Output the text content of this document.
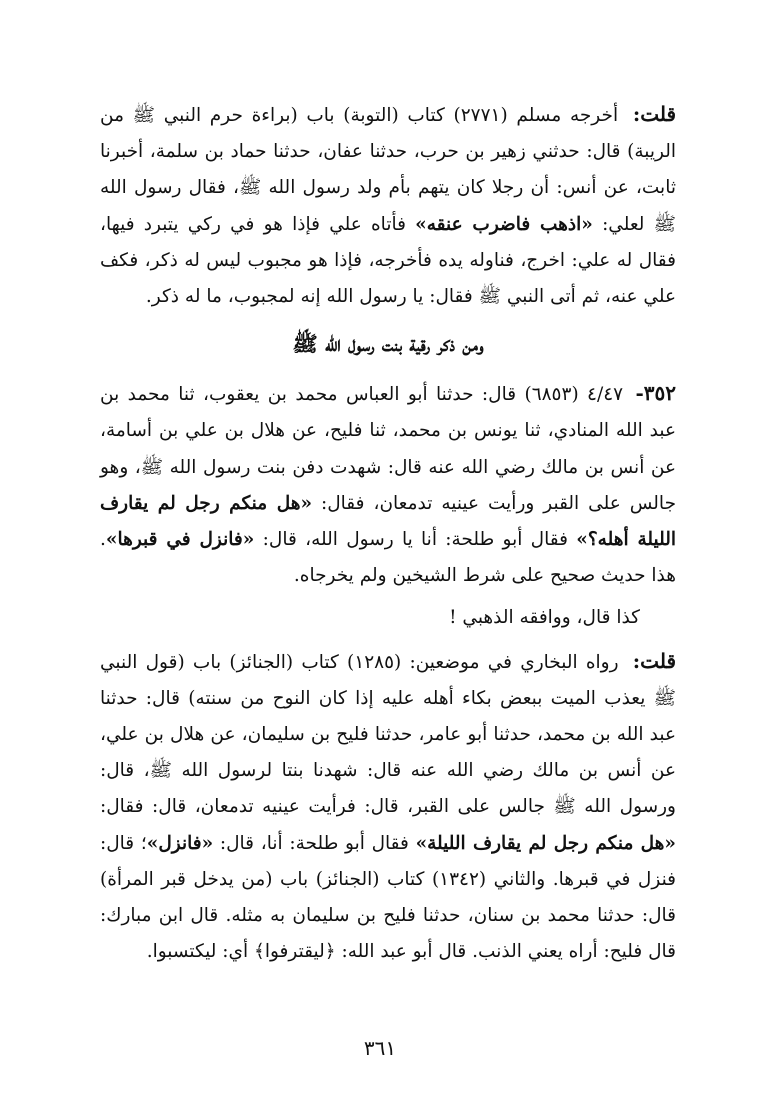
قلت: أخرجه مسلم (٢٧٧١) كتاب (التوبة) باب (براءة حرم النبي ﷺ من الريبة) قال: حدثني زهير بن حرب، حدثنا عفان، حدثنا حماد بن سلمة، أخبرنا ثابت، عن أنس: أن رجلا كان يتهم بأم ولد رسول الله ﷺ، فقال رسول الله ﷺ لعلي: «اذهب فاضرب عنقه» فأتاه علي فإذا هو في ركي يتبرد فيها، فقال له علي: اخرج، فناوله يده فأخرجه، فإذا هو مجبوب ليس له ذكر، فكف علي عنه، ثم أتى النبي ﷺ فقال: يا رسول الله إنه لمجبوب، ما له ذكر.

ومن ذكر رقية بنت رسول الله ﷺ

٣٥٢- ٤/٤٧ (٦٨٥٣) قال: حدثنا أبو العباس محمد بن يعقوب، ثنا محمد بن عبد الله المنادي، ثنا يونس بن محمد، ثنا فليح، عن هلال بن علي بن أسامة، عن أنس بن مالك رضي الله عنه قال: شهدت دفن بنت رسول الله ﷺ، وهو جالس على القبر ورأيت عينيه تدمعان، فقال: «هل منكم رجل لم يقارف الليلة أهله؟» فقال أبو طلحة: أنا يا رسول الله، قال: «فانزل في قبرها». هذا حديث صحيح على شرط الشيخين ولم يخرجاه.

كذا قال، ووافقه الذهبي !

قلت: رواه البخاري في موضعين: (١٢٨٥) كتاب (الجنائز) باب (قول النبي ﷺ يعذب الميت ببعض بكاء أهله عليه إذا كان النوح من سنته) قال: حدثنا عبد الله بن محمد، حدثنا أبو عامر، حدثنا فليح بن سليمان، عن هلال بن علي، عن أنس بن مالك رضي الله عنه قال: شهدنا بنتا لرسول الله ﷺ، قال: ورسول الله ﷺ جالس على القبر، قال: فرأيت عينيه تدمعان، قال: فقال: «هل منكم رجل لم يقارف الليلة» فقال أبو طلحة: أنا، قال: «فانزل»؛ قال: فنزل في قبرها. والثاني (١٣٤٢) كتاب (الجنائز) باب (من يدخل قبر المرأة) قال: حدثنا محمد بن سنان، حدثنا فليح بن سليمان به مثله. قال ابن مبارك: قال فليح: أراه يعني الذنب. قال أبو عبد الله: ﴿ليقترفوا﴾ أي: ليكتسبوا.

٣٦١
